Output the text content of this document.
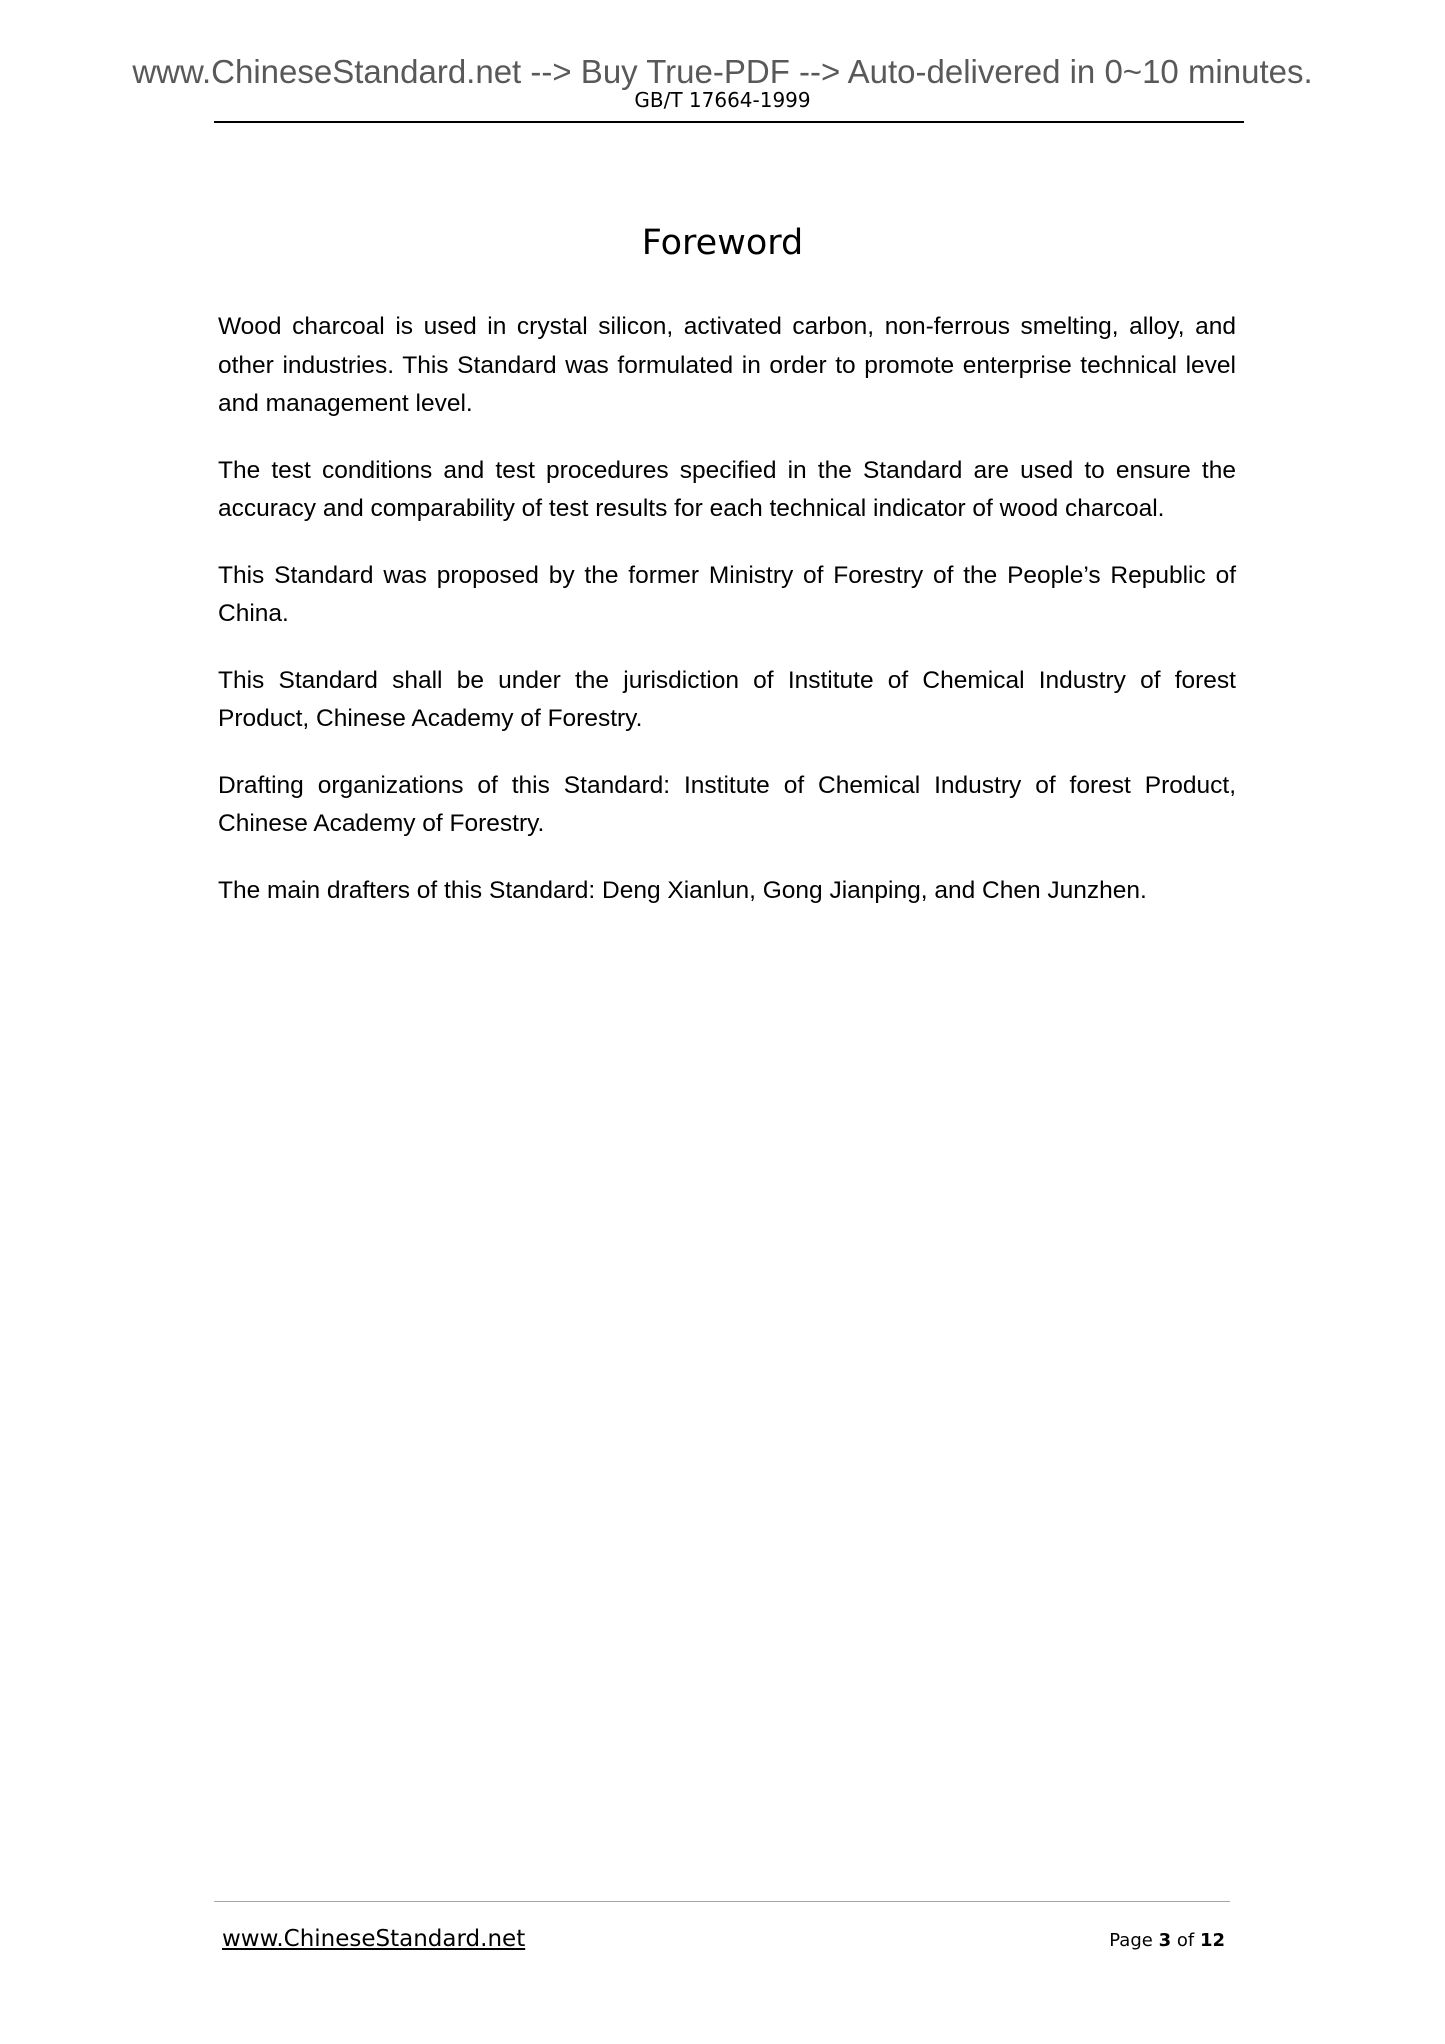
www.ChineseStandard.net --> Buy True-PDF --> Auto-delivered in 0~10 minutes.
GB/T 17664-1999
Foreword

Wood charcoal is used in crystal silicon, activated carbon, non-ferrous smelting, alloy, and other industries. This Standard was formulated in order to promote enterprise technical level and management level.

The test conditions and test procedures specified in the Standard are used to ensure the accuracy and comparability of test results for each technical indicator of wood charcoal.

This Standard was proposed by the former Ministry of Forestry of the People’s Republic of China.

This Standard shall be under the jurisdiction of Institute of Chemical Industry of forest Product, Chinese Academy of Forestry.

Drafting organizations of this Standard: Institute of Chemical Industry of forest Product, Chinese Academy of Forestry.

The main drafters of this Standard: Deng Xianlun, Gong Jianping, and Chen Junzhen.

www.ChineseStandard.net	Page 3 of 12
